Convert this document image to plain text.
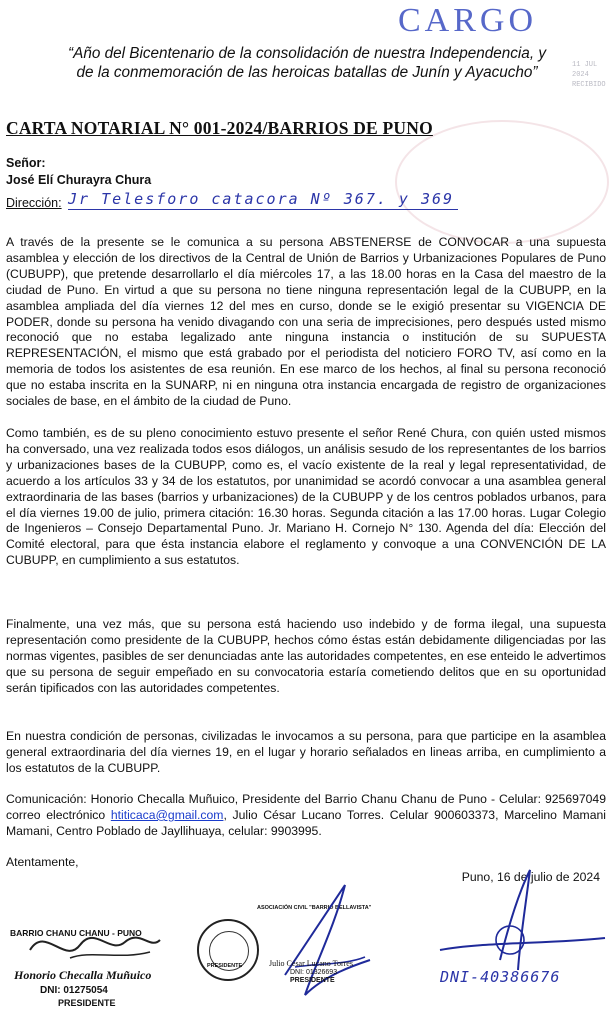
CARGO
11 JUL 2024 RECIBIDO
“Año del Bicentenario de la consolidación de nuestra Independencia, y
de la conmemoración de las heroicas batallas de Junín y Ayacucho”
CARTA NOTARIAL N° 001-2024/BARRIOS DE PUNO
Señor:
José Elí Churayra Chura
Dirección: Jr Telesforo catacora Nº 367. y 369

A través de la presente se le comunica a su persona ABSTENERSE de CONVOCAR a una supuesta asamblea y elección de los directivos de la Central de Unión de Barrios y Urbanizaciones Populares de Puno (CUBUPP), que pretende desarrollarlo el día miércoles 17, a las 18.00 horas en la Casa del maestro de la ciudad de Puno. En virtud a que su persona no tiene ninguna representación legal de la CUBUPP, en la asamblea ampliada del día viernes 12 del mes en curso, donde se le exigió presentar su VIGENCIA DE PODER, donde su persona ha venido divagando con una seria de imprecisiones, pero después usted mismo reconoció que no estaba legalizado ante ninguna instancia o institución de su SUPUESTA REPRESENTACIÓN, el mismo que está grabado por el periodista del noticiero FORO TV, así como en la memoria de todos los asistentes de esa reunión. En ese marco de los hechos, al final su persona reconoció que no estaba inscrita en la SUNARP, ni en ninguna otra instancia encargada de registro de organizaciones sociales de base, en el ámbito de la ciudad de Puno.

Como también, es de su pleno conocimiento estuvo presente el señor René Chura, con quién usted mismos ha conversado, una vez realizada todos esos diálogos, un análisis sesudo de los representantes de los barrios y urbanizaciones bases de la CUBUPP, como es, el vacío existente de la real y legal representatividad, de acuerdo a los artículos 33 y 34 de los estatutos, por unanimidad se acordó convocar a una asamblea general extraordinaria de las bases (barrios y urbanizaciones) de la CUBUPP y de los centros poblados urbanos, para el día viernes 19.00 de julio, primera citación: 16.30 horas. Segunda citación a las 17.00 horas. Lugar Colegio de Ingenieros – Consejo Departamental Puno. Jr. Mariano H. Cornejo N° 130. Agenda del día: Elección del Comité electoral, para que ésta instancia elabore el reglamento y convoque a una CONVENCIÓN DE LA CUBUPP, en cumplimiento a sus estatutos.

Finalmente, una vez más, que su persona está haciendo uso indebido y de forma ilegal, una supuesta representación como presidente de la CUBUPP, hechos cómo éstas están debidamente diligenciadas por las normas vigentes, pasibles de ser denunciadas ante las autoridades competentes, en ese enteido le advertimos que su persona de seguir empeñado en su convocatoria estaría cometiendo delitos que en su oportunidad serán tipificados con las autoridades competentes.

En nuestra condición de personas, civilizadas le invocamos a su persona, para que participe en la asamblea general extraordinaria del día viernes 19, en el lugar y horario señalados en lineas arriba, en cumplimiento a los estatutos de la CUBUPP.

Comunicación: Honorio Checalla Muñuico, Presidente del Barrio Chanu Chanu de Puno - Celular: 925697049 correo electrónico htiticaca@gmail.com, Julio César Lucano Torres. Celular 900603373, Marcelino Mamani Mamani, Centro Poblado de Jayllihuaya, celular: 9903995.

Atentamente,
Puno, 16 de julio de 2024
BARRIO CHANU CHANU - PUNO
Honorio Checalla Muñuico
DNI: 01275054
PRESIDENTE
PRESIDENTE
ASOCIACIÓN CIVIL "BARRIO BELLAVISTA"
Julio César Lucano Torres
DNI: 01326693
PRESIDENTE	DNI-40386676
